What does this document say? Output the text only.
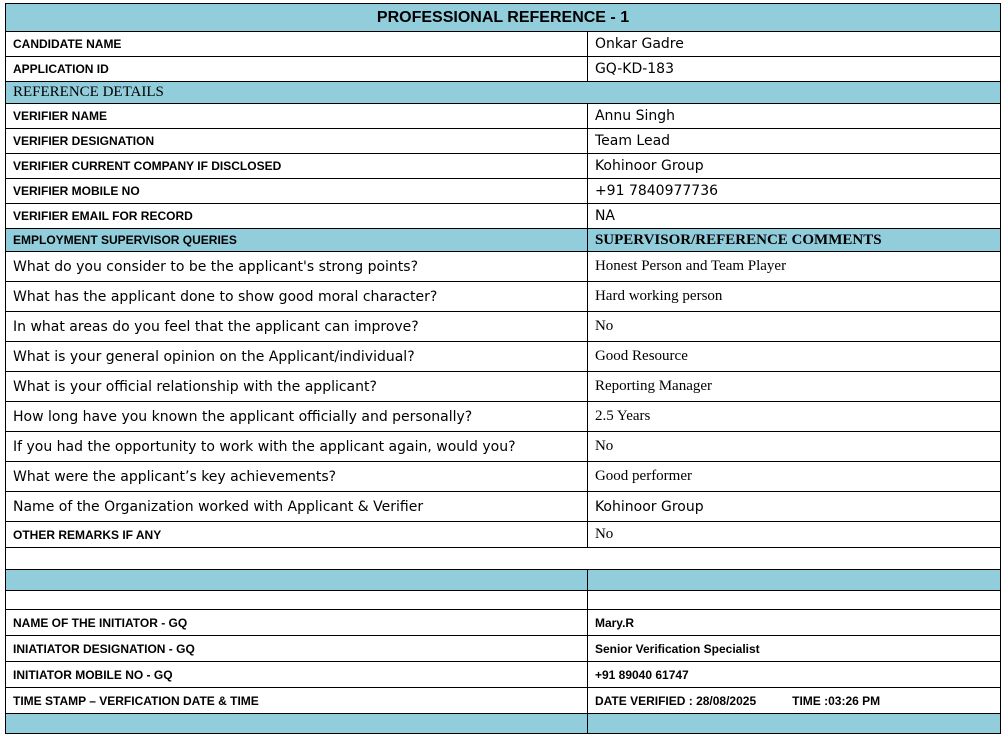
PROFESSIONAL REFERENCE - 1	
CANDIDATE NAME	Onkar Gadre
APPLICATION ID	GQ-KD-183
REFERENCE DETAILS	
VERIFIER NAME	Annu Singh
VERIFIER DESIGNATION	Team Lead
VERIFIER CURRENT COMPANY IF DISCLOSED	Kohinoor Group
VERIFIER MOBILE NO	+91 7840977736
VERIFIER EMAIL FOR RECORD	NA
EMPLOYMENT SUPERVISOR QUERIES	SUPERVISOR/REFERENCE COMMENTS
What do you consider to be the applicant's strong points?	Honest Person and Team Player
What has the applicant done to show good moral character?	Hard working person
In what areas do you feel that the applicant can improve?	No
What is your general opinion on the Applicant/individual?	Good Resource
What is your official relationship with the applicant?	Reporting Manager
How long have you known the applicant officially and personally?	2.5 Years
If you had the opportunity to work with the applicant again, would you?	No
What were the applicant’s key achievements?	Good performer
Name of the Organization worked with Applicant & Verifier	Kohinoor Group
OTHER REMARKS IF ANY	No

NAME OF THE INITIATOR - GQ	Mary.R
INIATIATOR DESIGNATION - GQ	Senior Verification Specialist
INITIATOR MOBILE NO - GQ	+91 89040 61747
TIME STAMP – VERFICATION DATE & TIME	DATE VERIFIED : 28/08/2025 TIME :03:26 PM
